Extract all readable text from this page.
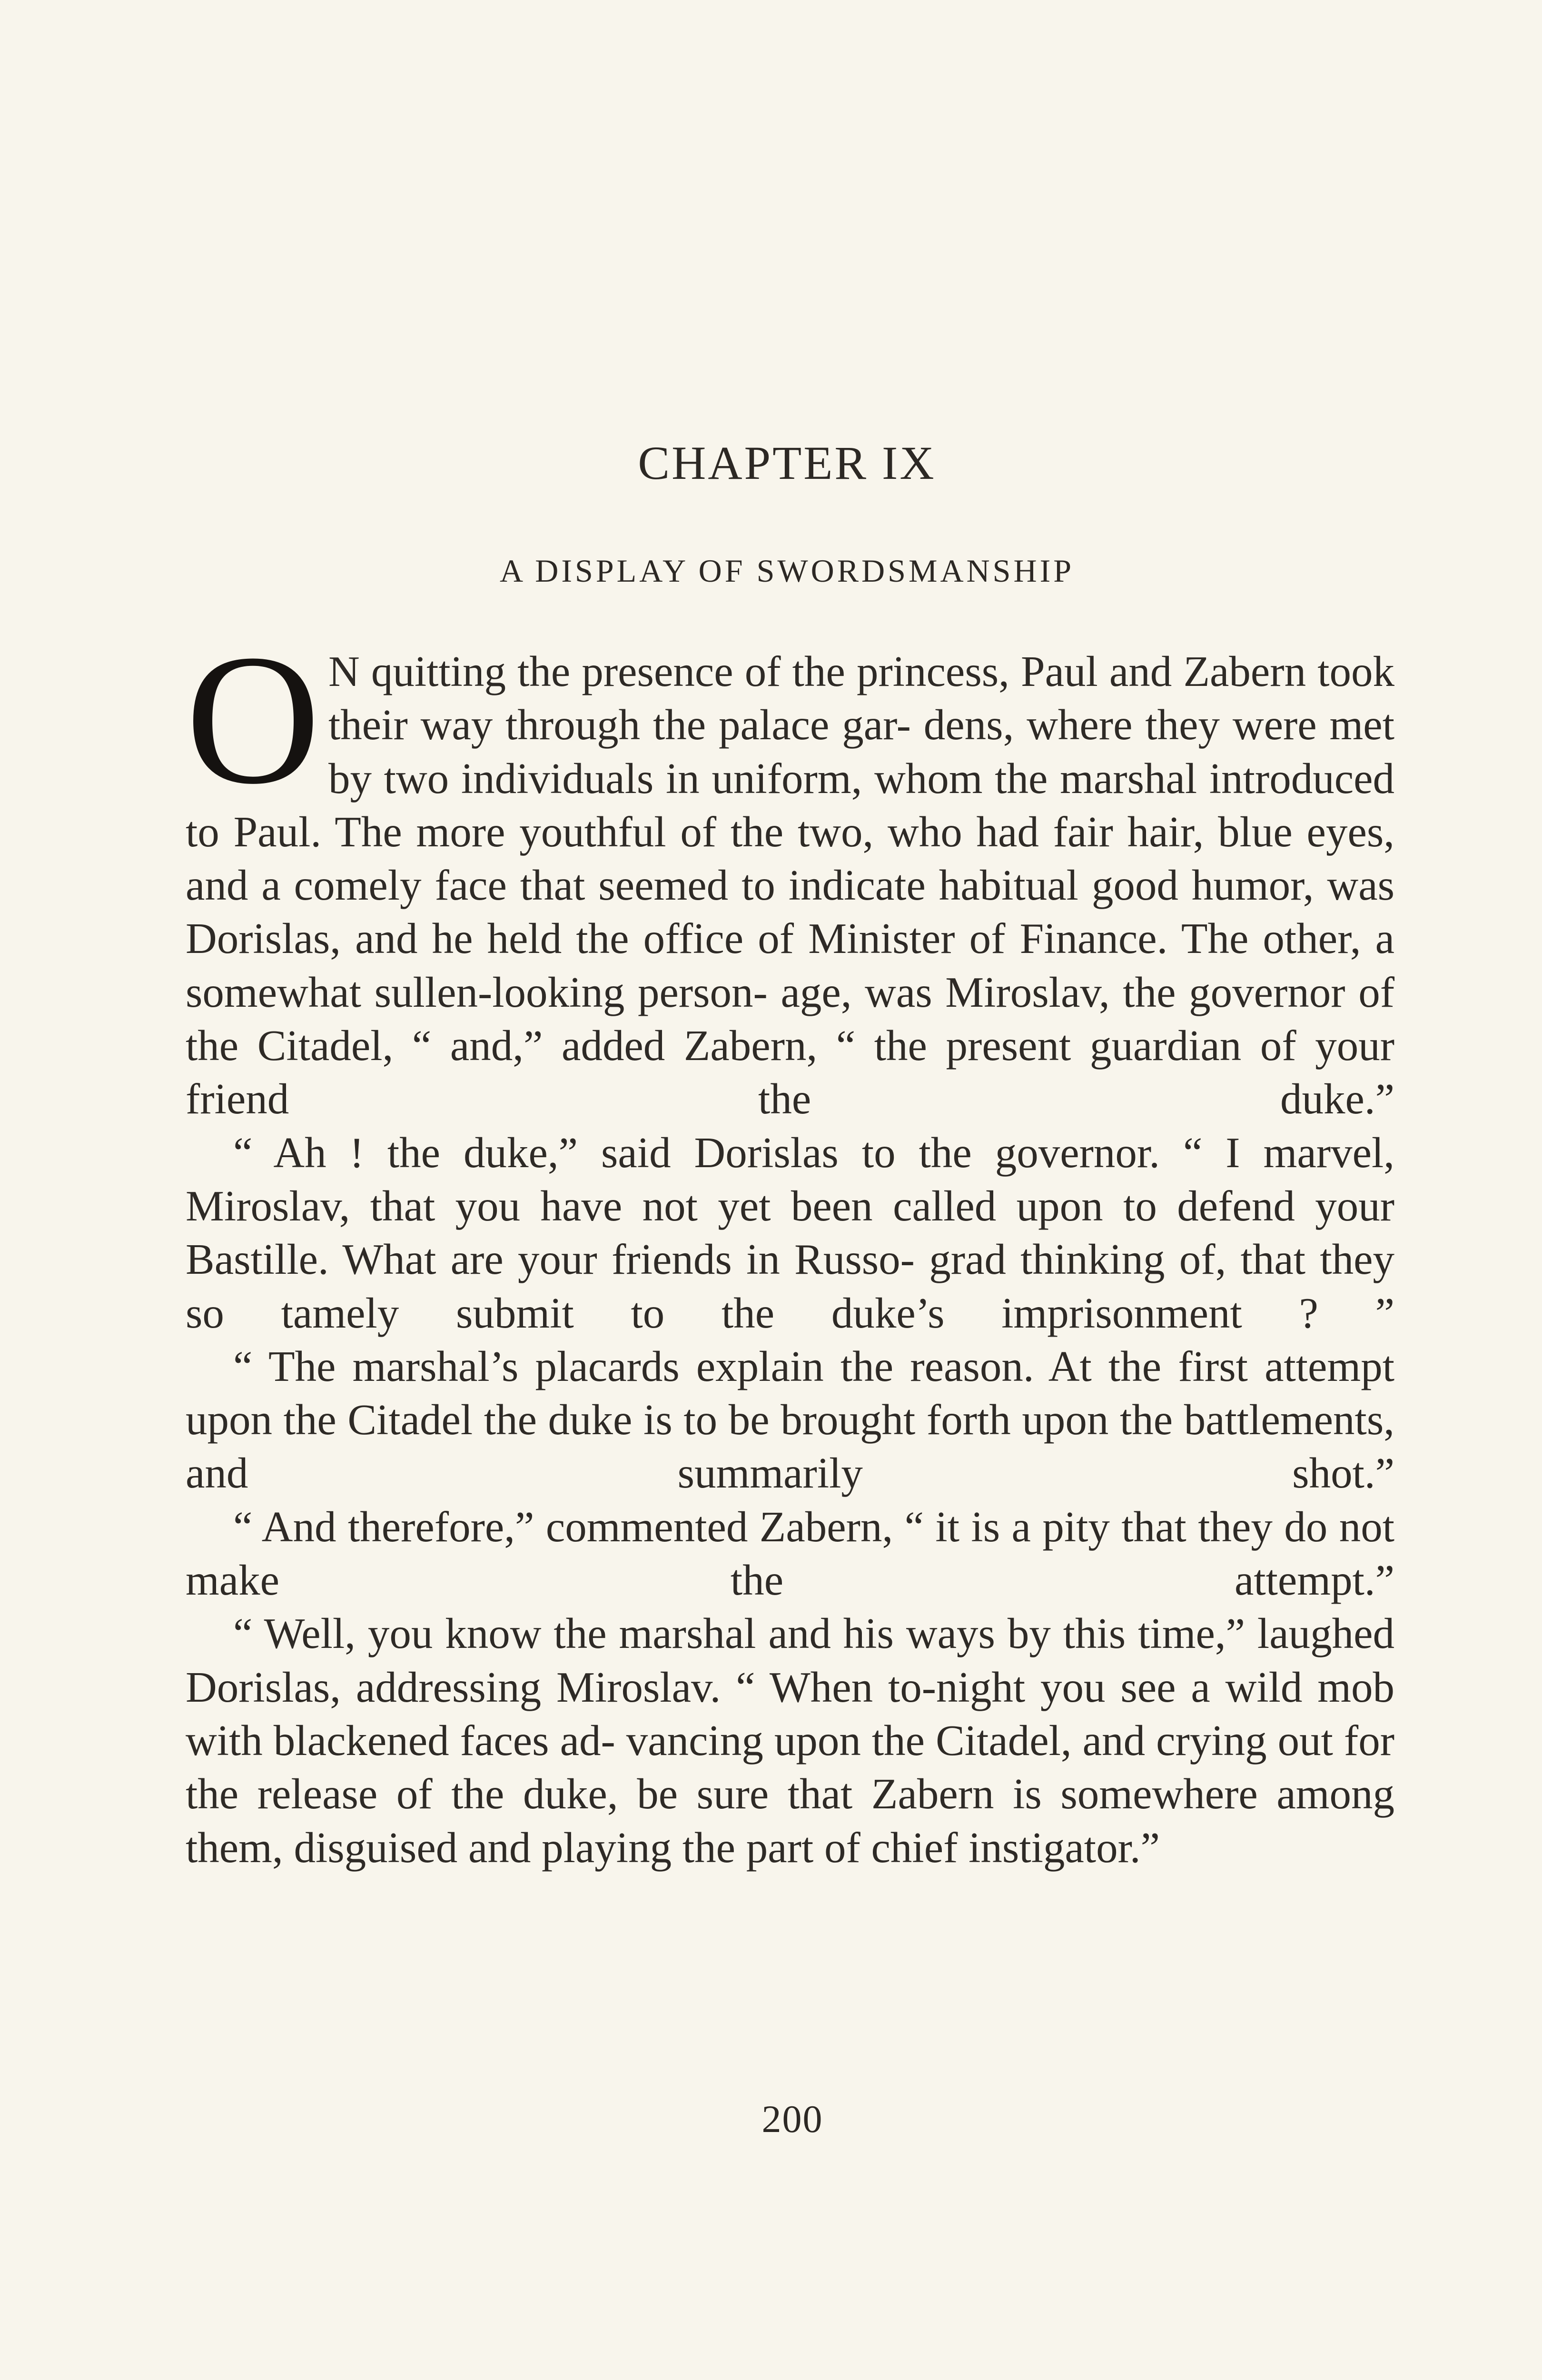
CHAPTER IX
A DISPLAY OF SWORDSMANSHIP
O N quitting the presence of the princess, Paul and Zabern took their way through the palace gar- dens, where they were met by two individuals in uniform, whom the marshal introduced to Paul. The more youthful of the two, who had fair hair, blue eyes, and a comely face that seemed to indicate habitual good humor, was Dorislas, and he held the office of Minister of Finance. The other, a somewhat sullen-looking person- age, was Miroslav, the governor of the Citadel, “ and,” added Zabern, “ the present guardian of your friend the	duke.”

“ Ah ! the duke,” said Dorislas to the governor. “ I marvel, Miroslav, that you have not yet been called upon to defend your Bastille. What are your friends in Russo- grad thinking of, that they so tamely submit to the duke’s imprisonment ? ”

“ The marshal’s placards explain the reason. At the first attempt upon the Citadel the duke is to be brought forth upon the battlements, and summarily shot.”

“ And therefore,” commented Zabern, “ it is a pity that they do not make the attempt.”

“ Well, you know the marshal and his ways by this time,” laughed Dorislas, addressing Miroslav. “ When to-night you see a wild mob with blackened faces ad- vancing upon the Citadel, and crying out for the release of the duke, be sure that Zabern is somewhere among them, disguised and playing the part of chief instigator.”

200
